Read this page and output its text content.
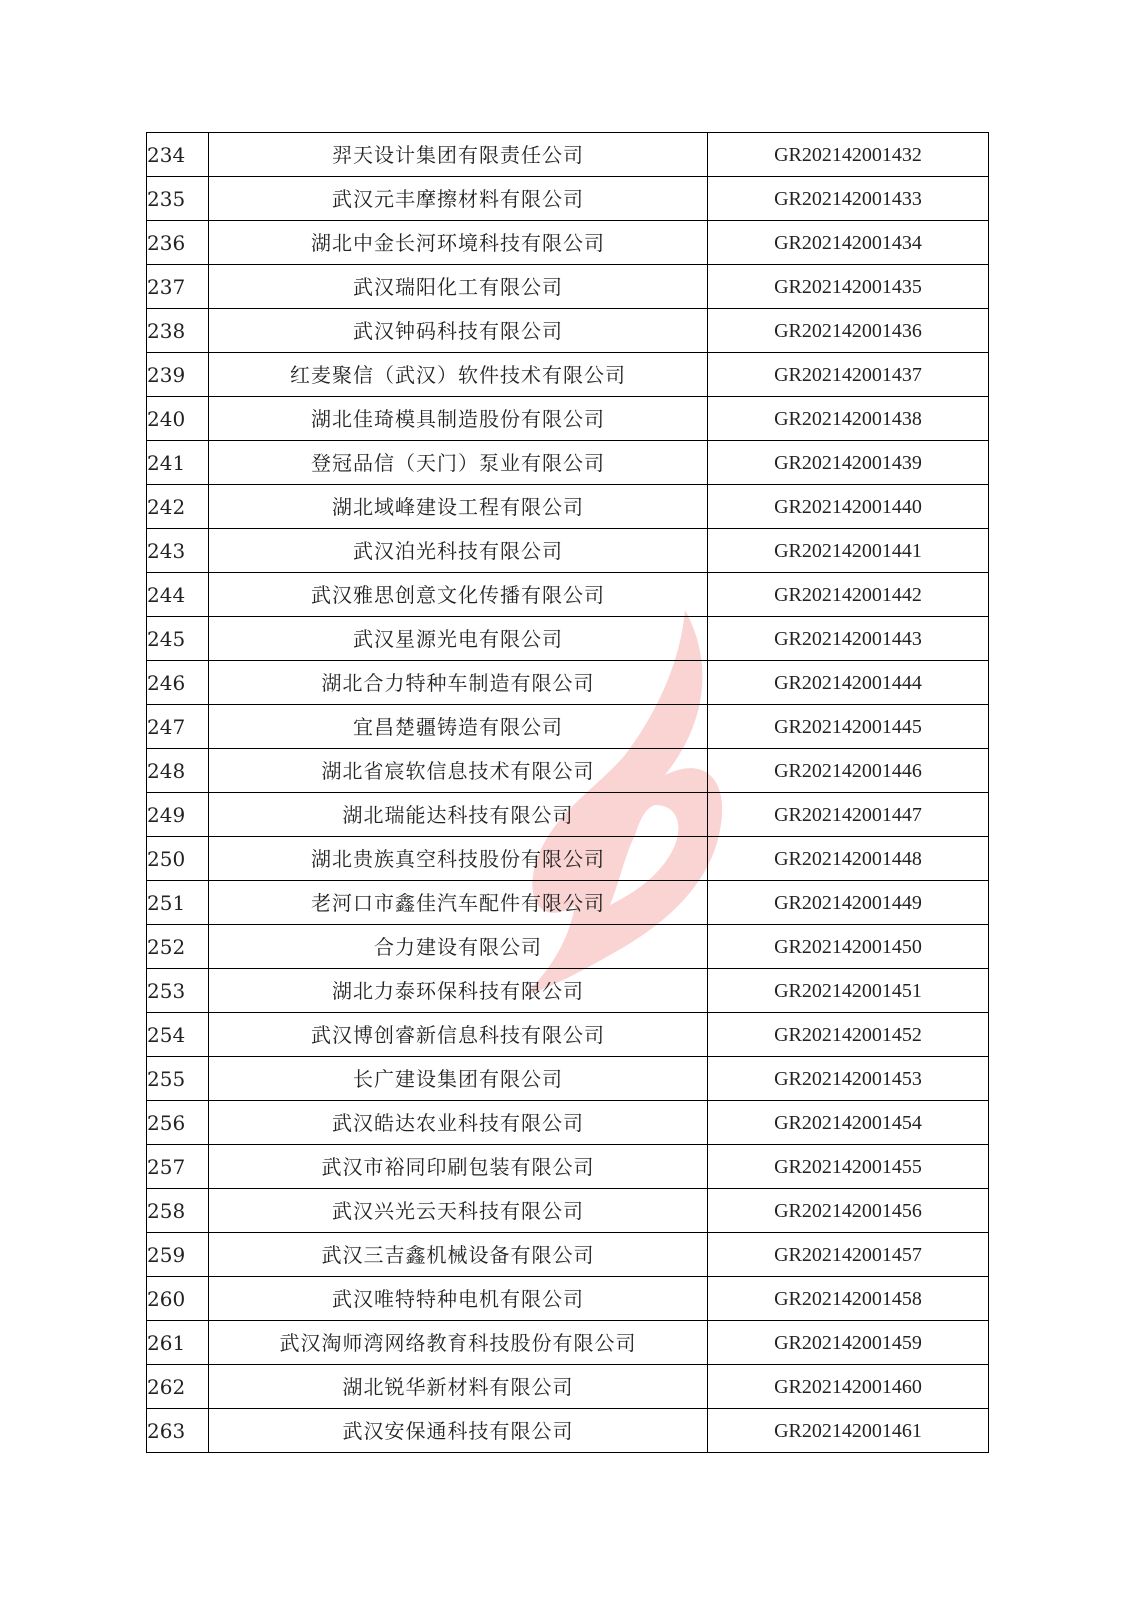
234	羿天设计集团有限责任公司	GR202142001432
235	武汉元丰摩擦材料有限公司	GR202142001433
236	湖北中金长河环境科技有限公司	GR202142001434
237	武汉瑞阳化工有限公司	GR202142001435
238	武汉钟码科技有限公司	GR202142001436
239	红麦聚信（武汉）软件技术有限公司	GR202142001437
240	湖北佳琦模具制造股份有限公司	GR202142001438
241	登冠品信（天门）泵业有限公司	GR202142001439
242	湖北域峰建设工程有限公司	GR202142001440
243	武汉泊光科技有限公司	GR202142001441
244	武汉雅思创意文化传播有限公司	GR202142001442
245	武汉星源光电有限公司	GR202142001443
246	湖北合力特种车制造有限公司	GR202142001444
247	宜昌楚疆铸造有限公司	GR202142001445
248	湖北省宸软信息技术有限公司	GR202142001446
249	湖北瑞能达科技有限公司	GR202142001447
250	湖北贵族真空科技股份有限公司	GR202142001448
251	老河口市鑫佳汽车配件有限公司	GR202142001449
252	合力建设有限公司	GR202142001450
253	湖北力泰环保科技有限公司	GR202142001451
254	武汉博创睿新信息科技有限公司	GR202142001452
255	长广建设集团有限公司	GR202142001453
256	武汉皓达农业科技有限公司	GR202142001454
257	武汉市裕同印刷包装有限公司	GR202142001455
258	武汉兴光云天科技有限公司	GR202142001456
259	武汉三吉鑫机械设备有限公司	GR202142001457
260	武汉唯特特种电机有限公司	GR202142001458
261	武汉淘师湾网络教育科技股份有限公司	GR202142001459
262	湖北锐华新材料有限公司	GR202142001460
263	武汉安保通科技有限公司	GR202142001461
